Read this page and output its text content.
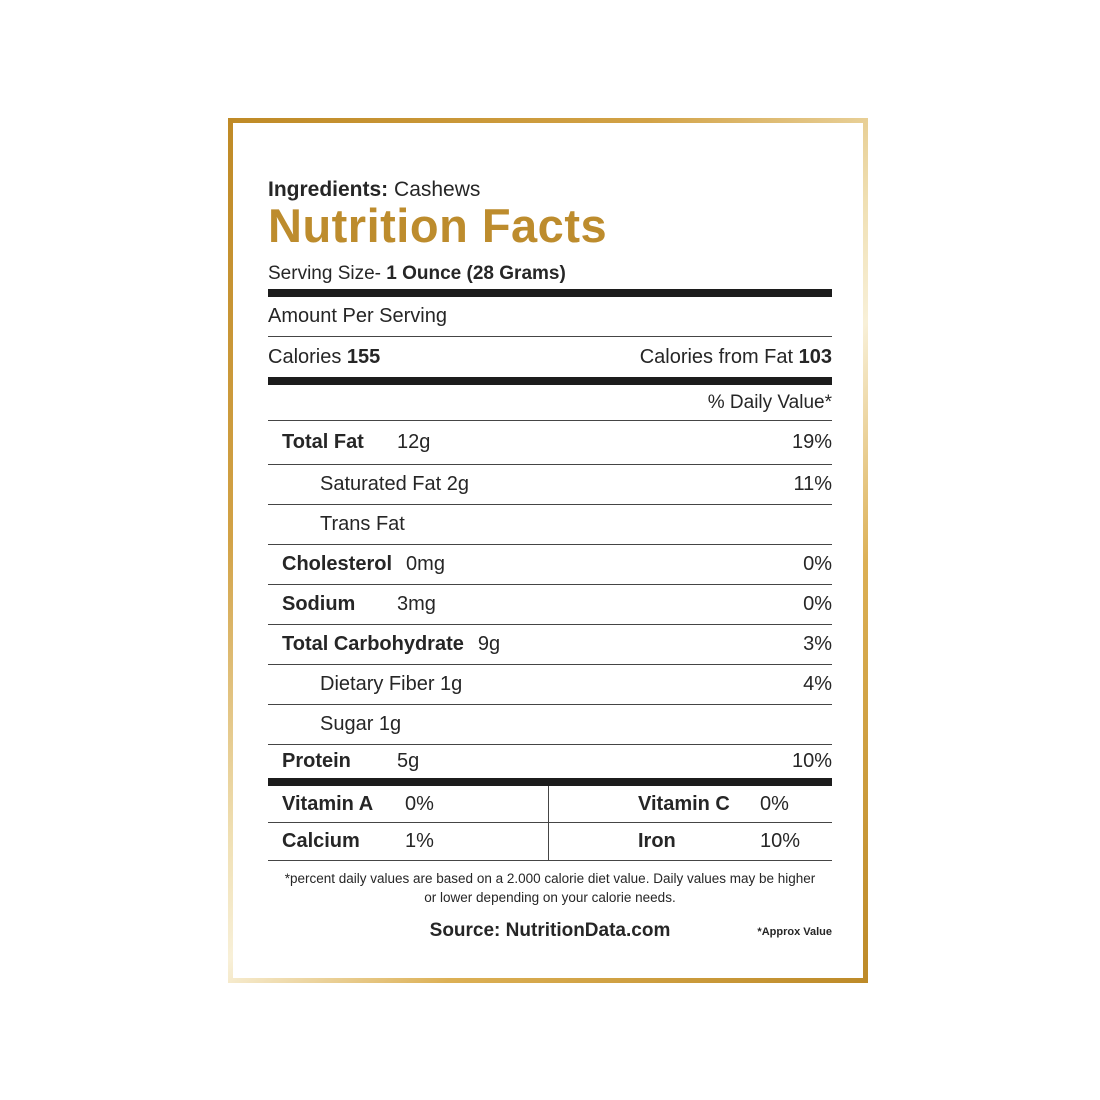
Ingredients: Cashews
Nutrition Facts
Serving Size- 1 Ounce (28 Grams)
Amount Per Serving
Calories 155	Calories from Fat 103
% Daily Value*
Total Fat	12g	19%
Saturated Fat 2g	11%
Trans Fat
Cholesterol 0mg	0%
Sodium	3mg	0%
Total Carbohydrate 9g	3%
Dietary Fiber 1g	4%
Sugar 1g
Protein	5g	10%
Vitamin A	0%	Vitamin C	0%
Calcium	1%	Iron	10%
*percent daily values are based on a 2.000 calorie diet value. Daily values may be higher
or lower depending on your calorie needs.
Source: NutritionData.com	*Approx Value
